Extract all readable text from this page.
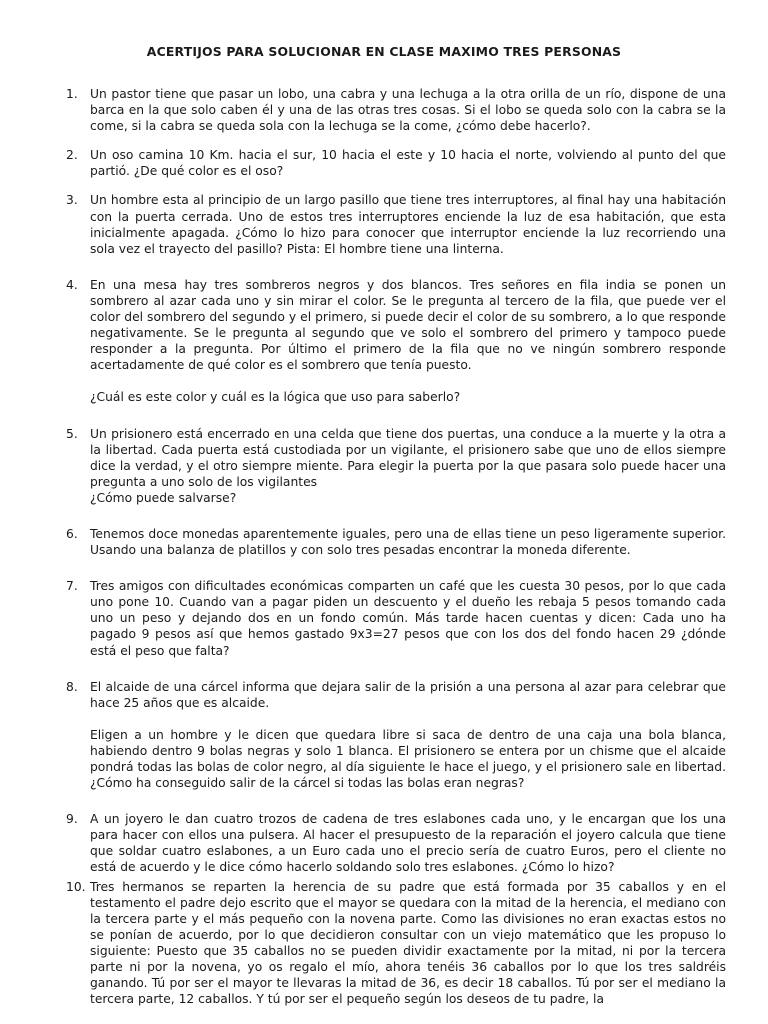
ACERTIJOS PARA SOLUCIONAR EN CLASE MAXIMO TRES PERSONAS
1. Un pastor tiene que pasar un lobo, una cabra y una lechuga a la otra orilla de un río, dispone de una barca en la que solo caben él y una de las otras tres cosas. Si el lobo se queda solo con la cabra se la come, si la cabra se queda sola con la lechuga se la come, ¿cómo debe hacerlo?.

2. Un oso camina 10 Km. hacia el sur, 10 hacia el este y 10 hacia el norte, volviendo al punto del que partió. ¿De qué color es el oso?

3. Un hombre esta al principio de un largo pasillo que tiene tres interruptores, al final hay una habitación con la puerta cerrada. Uno de estos tres interruptores enciende la luz de esa habitación, que esta inicialmente apagada. ¿Cómo lo hizo para conocer que interruptor enciende la luz recorriendo una sola vez el trayecto del pasillo? Pista: El hombre tiene una linterna.

4. En una mesa hay tres sombreros negros y dos blancos. Tres señores en fila india se ponen un sombrero al azar cada uno y sin mirar el color. Se le pregunta al tercero de la fila, que puede ver el color del sombrero del segundo y el primero, si puede decir el color de su sombrero, a lo que responde negativamente. Se le pregunta al segundo que ve solo el sombrero del primero y tampoco puede responder a la pregunta. Por último el primero de la fila que no ve ningún sombrero responde acertadamente de qué color es el sombrero que tenía puesto.

¿Cuál es este color y cuál es la lógica que uso para saberlo?

5. Un prisionero está encerrado en una celda que tiene dos puertas, una conduce a la muerte y la otra a la libertad. Cada puerta está custodiada por un vigilante, el prisionero sabe que uno de ellos siempre dice la verdad, y el otro siempre miente. Para elegir la puerta por la que pasara solo puede hacer una pregunta a uno solo de los vigilantes

¿Cómo puede salvarse?

6. Tenemos doce monedas aparentemente iguales, pero una de ellas tiene un peso ligeramente superior. Usando una balanza de platillos y con solo tres pesadas encontrar la moneda diferente.

7. Tres amigos con dificultades económicas comparten un café que les cuesta 30 pesos, por lo que cada uno pone 10. Cuando van a pagar piden un descuento y el dueño les rebaja 5 pesos tomando cada uno un peso y dejando dos en un fondo común. Más tarde hacen cuentas y dicen: Cada uno ha pagado 9 pesos así que hemos gastado 9x3=27 pesos que con los dos del fondo hacen 29 ¿dónde está el peso que falta?

8. El alcaide de una cárcel informa que dejara salir de la prisión a una persona al azar para celebrar que hace 25 años que es alcaide.

Eligen a un hombre y le dicen que quedara libre si saca de dentro de una caja una bola blanca, habiendo dentro 9 bolas negras y solo 1 blanca. El prisionero se entera por un chisme que el alcaide pondrá todas las bolas de color negro, al día siguiente le hace el juego, y el prisionero sale en libertad. ¿Cómo ha conseguido salir de la cárcel si todas las bolas eran negras?

9. A un joyero le dan cuatro trozos de cadena de tres eslabones cada uno, y le encargan que los una para hacer con ellos una pulsera. Al hacer el presupuesto de la reparación el joyero calcula que tiene que soldar cuatro eslabones, a un Euro cada uno el precio sería de cuatro Euros, pero el cliente no está de acuerdo y le dice cómo hacerlo soldando solo tres eslabones. ¿Cómo lo hizo?

10. Tres hermanos se reparten la herencia de su padre que está formada por 35 caballos y en el testamento el padre dejo escrito que el mayor se quedara con la mitad de la herencia, el mediano con la tercera parte y el más pequeño con la novena parte. Como las divisiones no eran exactas estos no se ponían de acuerdo, por lo que decidieron consultar con un viejo matemático que les propuso lo siguiente: Puesto que 35 caballos no se pueden dividir exactamente por la mitad, ni por la tercera parte ni por la novena, yo os regalo el mío, ahora tenéis 36 caballos por lo que los tres saldréis ganando. Tú por ser el mayor te llevaras la mitad de 36, es decir 18 caballos. Tú por ser el mediano la tercera parte, 12 caballos. Y tú por ser el pequeño según los deseos de tu padre, la
